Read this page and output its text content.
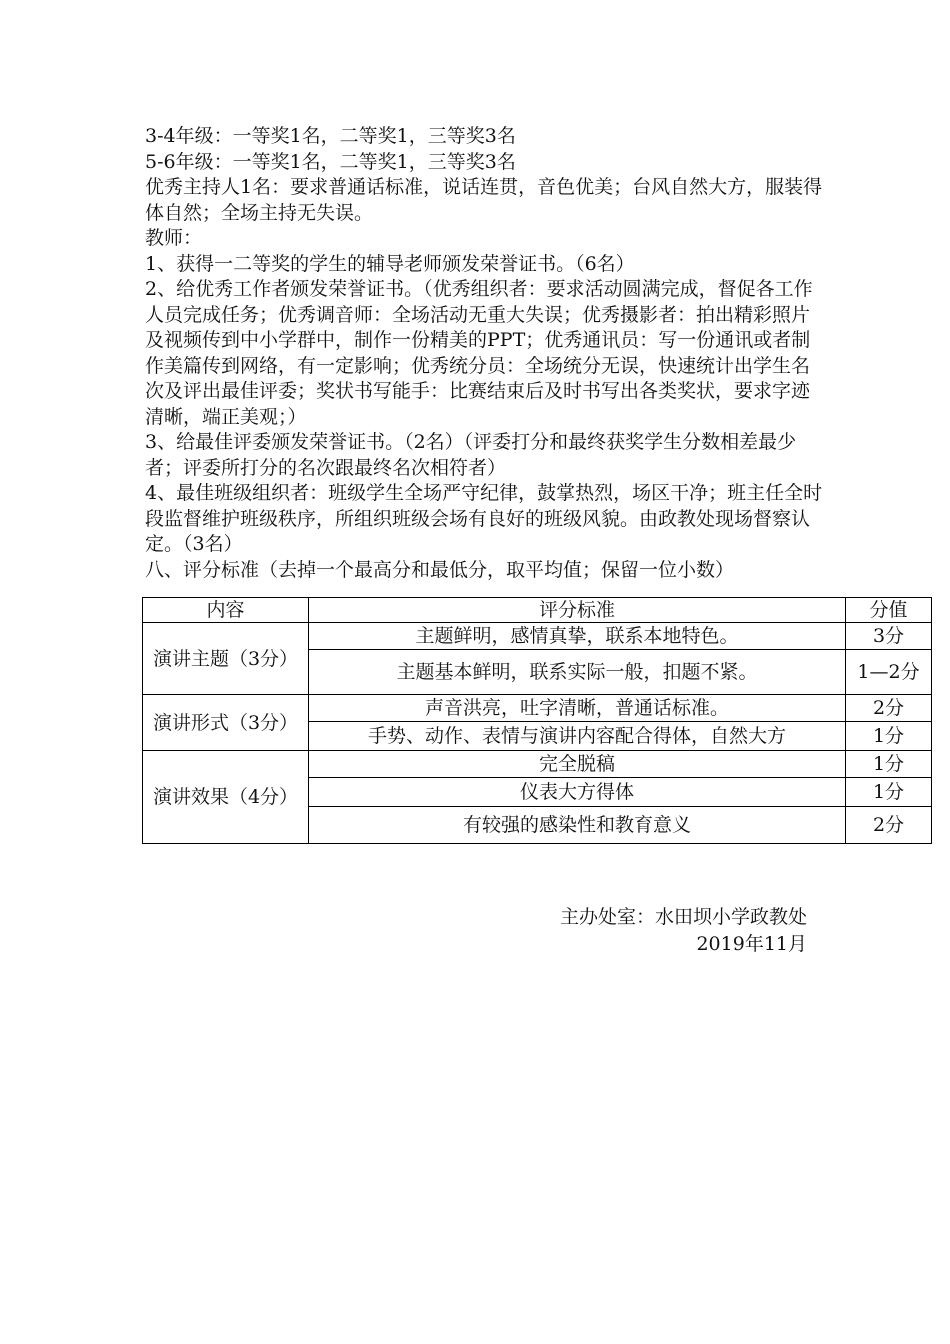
3-4年级：一等奖1名，二等奖1，三等奖3名

5-6年级：一等奖1名，二等奖1，三等奖3名

优秀主持人1名：要求普通话标准，说话连贯，音色优美；台风自然大方，服装得体自然；全场主持无失误。

教师：

1、获得一二等奖的学生的辅导老师颁发荣誉证书。（6名）

2、给优秀工作者颁发荣誉证书。（优秀组织者：要求活动圆满完成，督促各工作人员完成任务；优秀调音师：全场活动无重大失误；优秀摄影者：拍出精彩照片及视频传到中小学群中，制作一份精美的PPT；优秀通讯员：写一份通讯或者制作美篇传到网络，有一定影响；优秀统分员：全场统分无误，快速统计出学生名次及评出最佳评委；奖状书写能手：比赛结束后及时书写出各类奖状，要求字迹清晰，端正美观；）

3、给最佳评委颁发荣誉证书。（2名）（评委打分和最终获奖学生分数相差最少者；评委所打分的名次跟最终名次相符者）

4、最佳班级组织者：班级学生全场严守纪律，鼓掌热烈，场区干净；班主任全时段监督维护班级秩序，所组织班级会场有良好的班级风貌。由政教处现场督察认定。（3名）

八、评分标准（去掉一个最高分和最低分，取平均值；保留一位小数）

内容	评分标准	分值
演讲主题（3分）	主题鲜明，感情真挚，联系本地特色。	3分
	主题基本鲜明，联系实际一般，扣题不紧。	1—2分
演讲形式（3分）	声音洪亮，吐字清晰，普通话标准。	2分
	手势、动作、表情与演讲内容配合得体，自然大方	1分
演讲效果（4分）	完全脱稿	1分
	仪表大方得体	1分
	有较强的感染性和教育意义	2分

主办处室：水田坝小学政教处

2019年11月
